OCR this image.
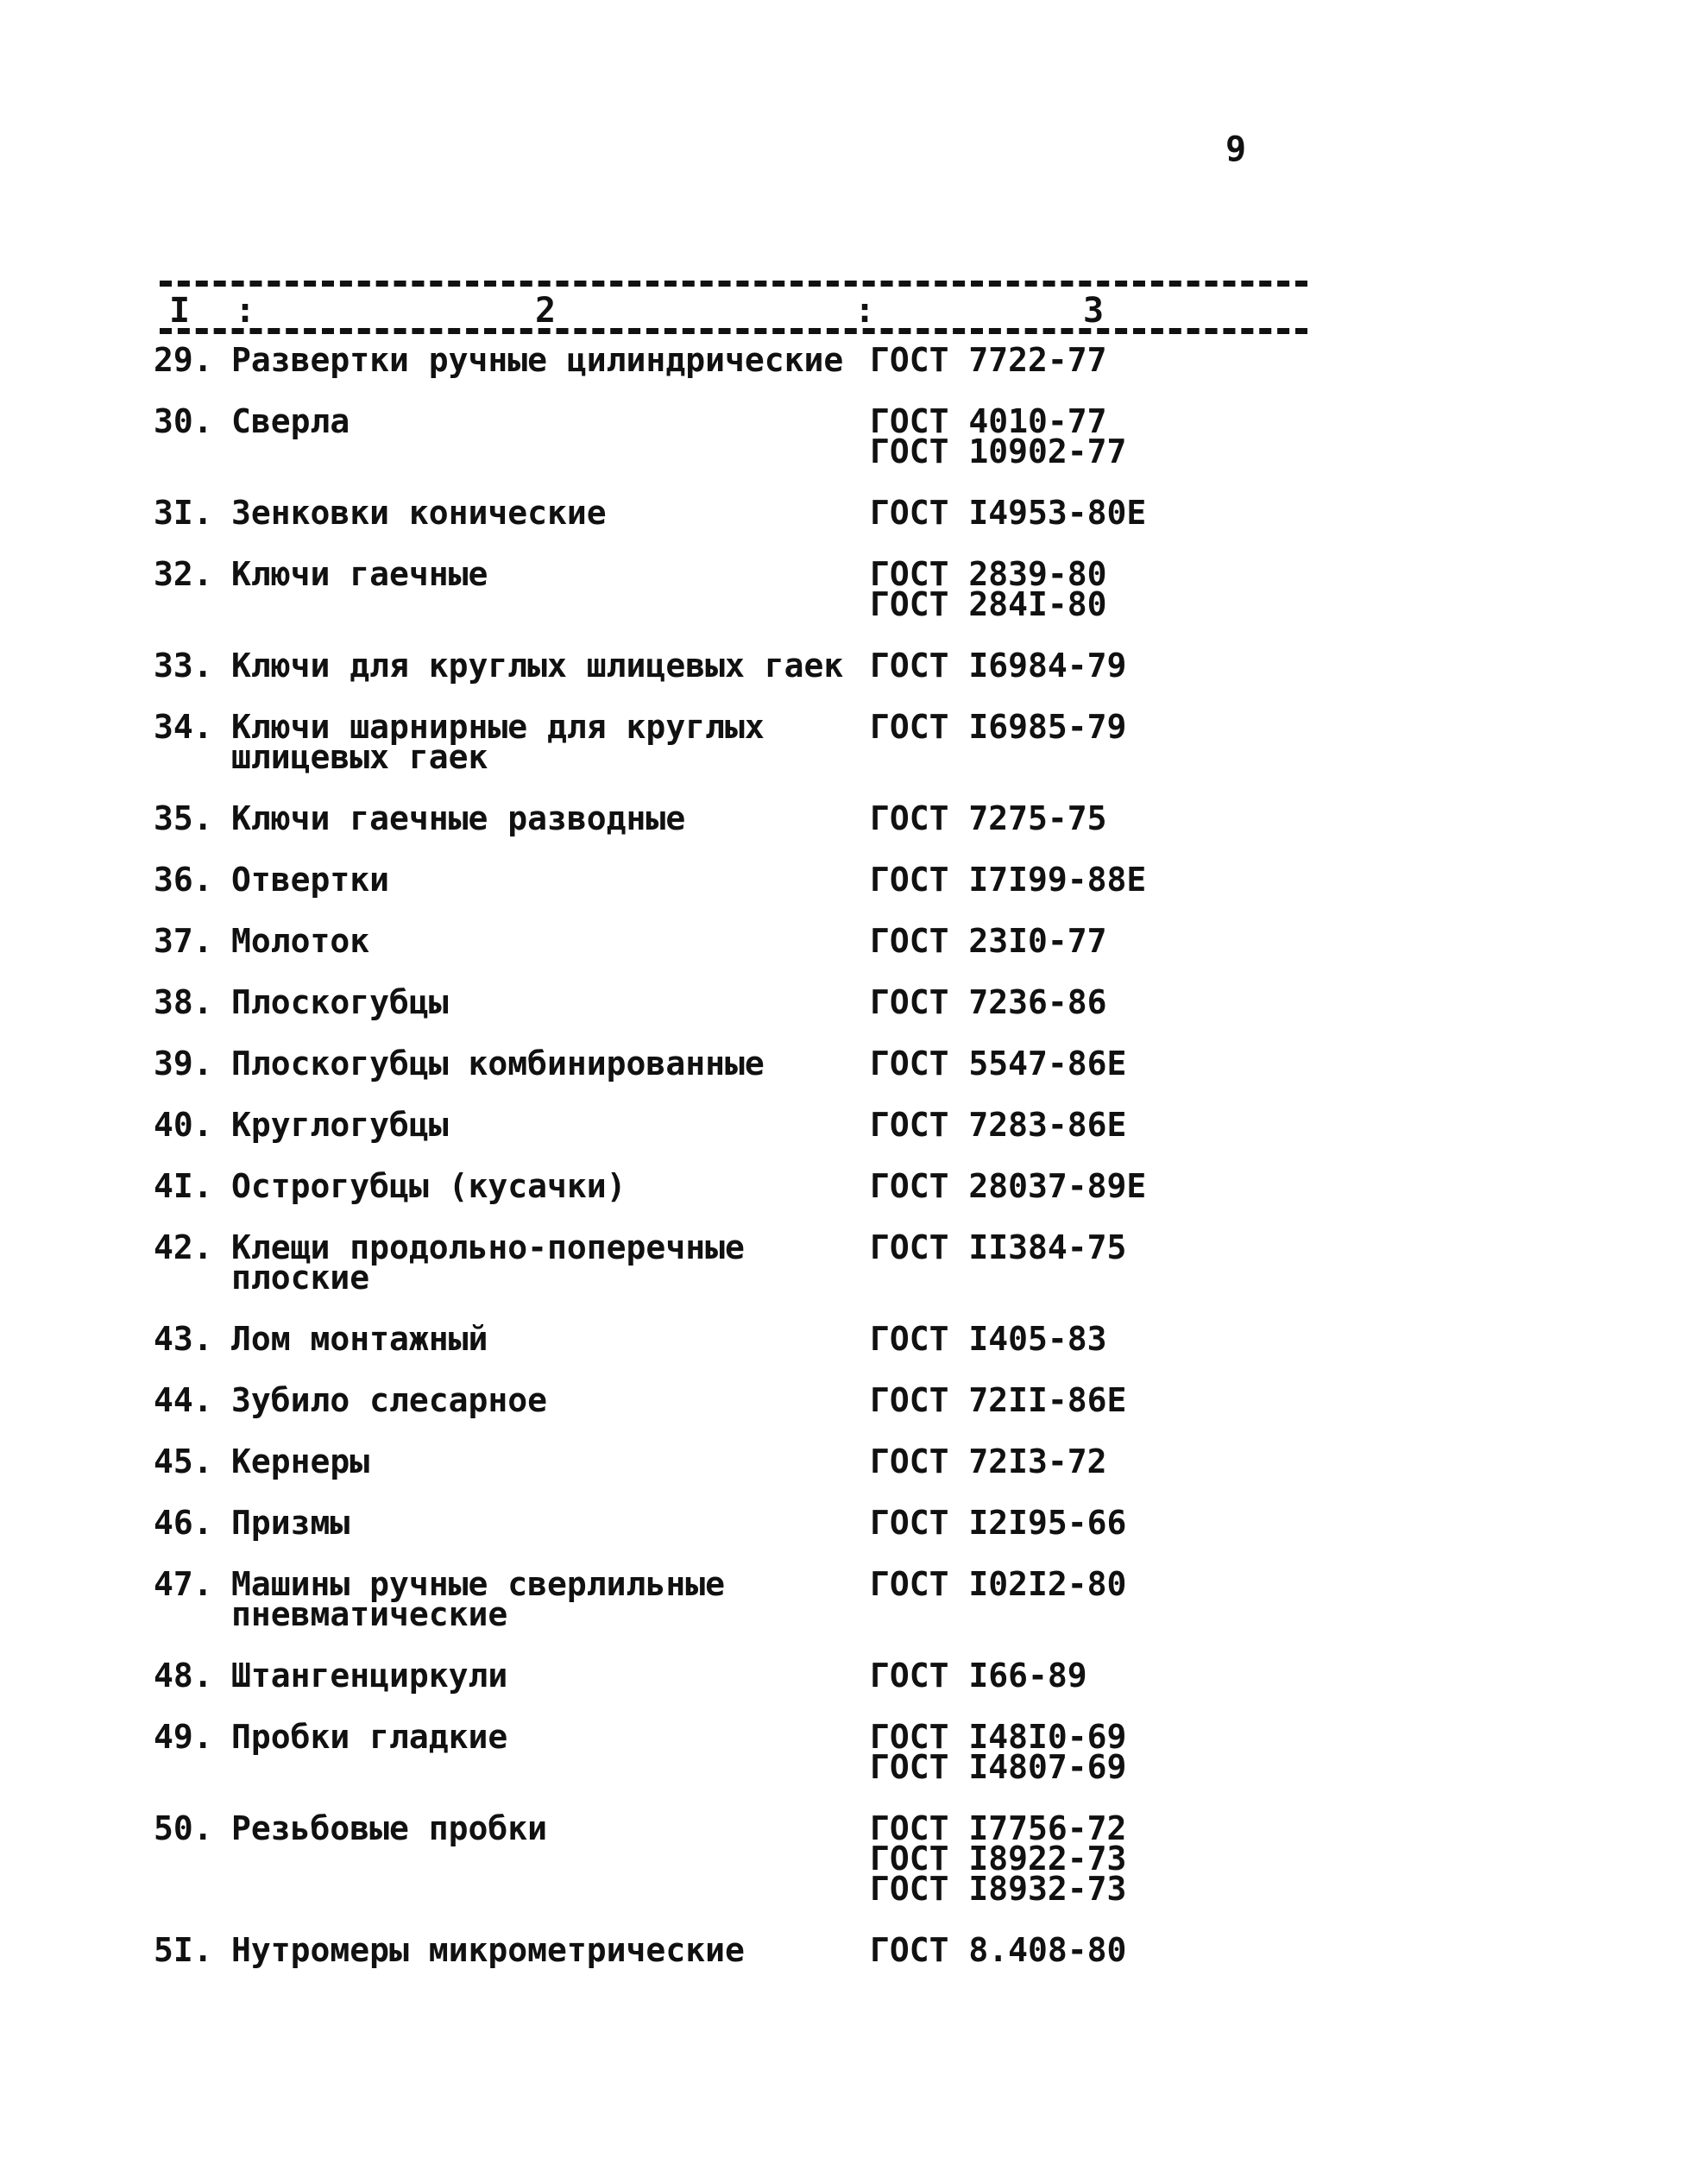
9
I :	2	:	3
29. Развертки ручные цилиндрические ГОСТ 7722-77
30. Сверла	ГОСТ 4010-77
ГОСТ 10902-77
3I. Зенковки конические	ГОСТ I4953-80E
32. Ключи гаечные	ГОСТ 2839-80
ГОСТ 284I-80
33. Ключи для круглых шлицевых гаек ГОСТ I6984-79
34. Ключи шарнирные для круглых
шлицевых гаек
ГОСТ I6985-79
35. Ключи гаечные разводные	ГОСТ 7275-75
36. Отвертки	ГОСТ I7I99-88E
37. Молоток	ГОСТ 23I0-77
38. Плоскогубцы	ГОСТ 7236-86
39. Плоскогубцы комбинированные	ГОСТ 5547-86E
40. Круглогубцы	ГОСТ 7283-86E
4I. Острогубцы (кусачки)	ГОСТ 28037-89E
42. Клещи продольно-поперечные
плоские
ГОСТ II384-75
43. Лом монтажный	ГОСТ I405-83
44. Зубило слесарное	ГОСТ 72II-86E
45. Кернеры	ГОСТ 72I3-72
46. Призмы	ГОСТ I2I95-66
47. Машины ручные сверлильные
пневматические
ГОСТ I02I2-80
48. Штангенциркули	ГОСТ I66-89
49. Пробки гладкие	ГОСТ I48I0-69
ГОСТ I4807-69
50. Резьбовые пробки	ГОСТ I7756-72
ГОСТ I8922-73
ГОСТ I8932-73
5I. Нутромеры микрометрические	ГОСТ 8.408-80
